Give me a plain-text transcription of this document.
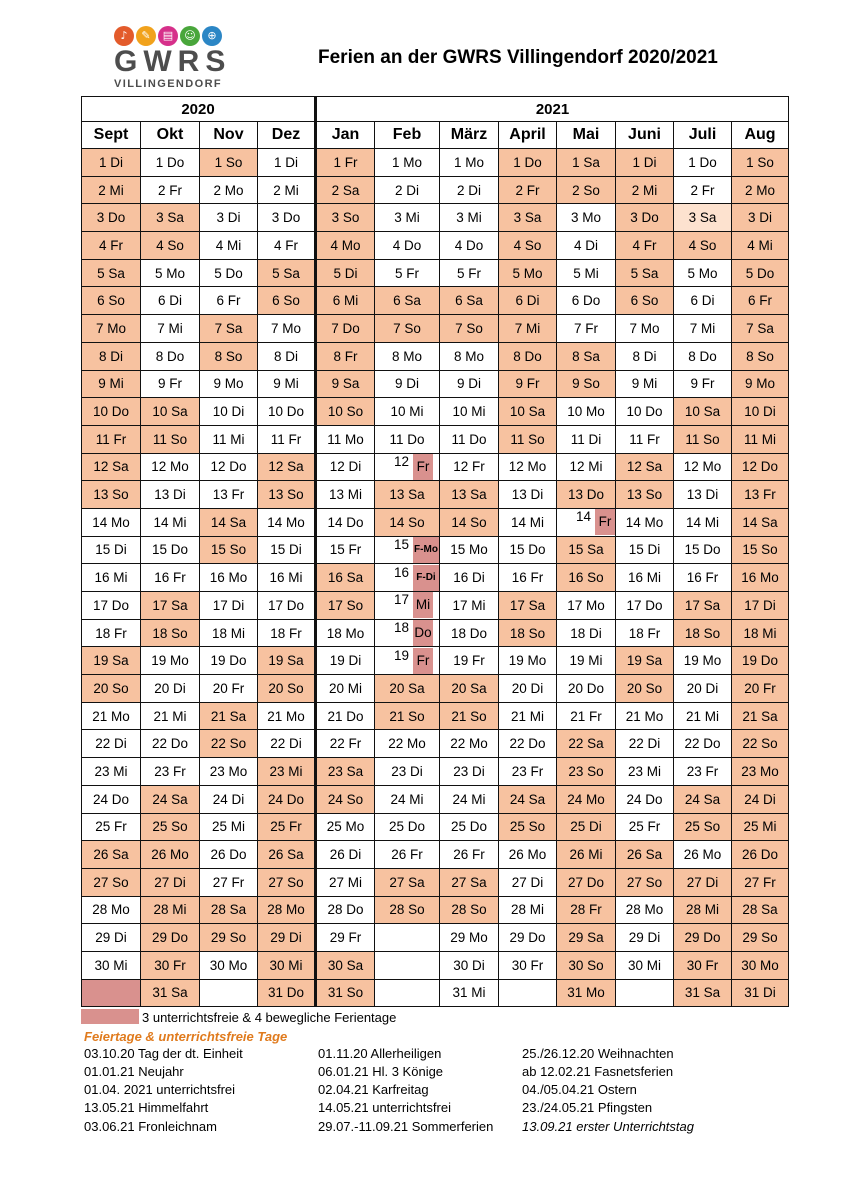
♪	✎	▤	☺	⊕
GWRS
VILLINGENDORF
Ferien an der GWRS Villingendorf 2020/2021
2020				2021							
Sept	Okt	Nov	Dez	Jan	Feb	März	April	Mai	Juni	Juli	Aug
1 Di	1 Do	1 So	1 Di	1 Fr	1 Mo	1 Mo	1 Do	1 Sa	1 Di	1 Do	1 So
2 Mi	2 Fr	2 Mo	2 Mi	2 Sa	2 Di	2 Di	2 Fr	2 So	2 Mi	2 Fr	2 Mo
3 Do	3 Sa	3 Di	3 Do	3 So	3 Mi	3 Mi	3 Sa	3 Mo	3 Do	3 Sa	3 Di
4 Fr	4 So	4 Mi	4 Fr	4 Mo	4 Do	4 Do	4 So	4 Di	4 Fr	4 So	4 Mi
5 Sa	5 Mo	5 Do	5 Sa	5 Di	5 Fr	5 Fr	5 Mo	5 Mi	5 Sa	5 Mo	5 Do
6 So	6 Di	6 Fr	6 So	6 Mi	6 Sa	6 Sa	6 Di	6 Do	6 So	6 Di	6 Fr
7 Mo	7 Mi	7 Sa	7 Mo	7 Do	7 So	7 So	7 Mi	7 Fr	7 Mo	7 Mi	7 Sa
8 Di	8 Do	8 So	8 Di	8 Fr	8 Mo	8 Mo	8 Do	8 Sa	8 Di	8 Do	8 So
9 Mi	9 Fr	9 Mo	9 Mi	9 Sa	9 Di	9 Di	9 Fr	9 So	9 Mi	9 Fr	9 Mo
10 Do	10 Sa	10 Di	10 Do	10 So	10 Mi	10 Mi	10 Sa	10 Mo	10 Do	10 Sa	10 Di
11 Fr	11 So	11 Mi	11 Fr	11 Mo	11 Do	11 Do	11 So	11 Di	11 Fr	11 So	11 Mi
12 Sa	12 Mo	12 Do	12 Sa	12 Di	12 Fr	12 Fr	12 Mo	12 Mi	12 Sa	12 Mo	12 Do
13 So	13 Di	13 Fr	13 So	13 Mi	13 Sa	13 Sa	13 Di	13 Do	13 So	13 Di	13 Fr
14 Mo	14 Mi	14 Sa	14 Mo	14 Do	14 So	14 So	14 Mi	14 Fr	14 Mo	14 Mi	14 Sa
15 Di	15 Do	15 So	15 Di	15 Fr	15 F-Mo	15 Mo	15 Do	15 Sa	15 Di	15 Do	15 So
16 Mi	16 Fr	16 Mo	16 Mi	16 Sa	16 F-Di	16 Di	16 Fr	16 So	16 Mi	16 Fr	16 Mo
17 Do	17 Sa	17 Di	17 Do	17 So	17 Mi	17 Mi	17 Sa	17 Mo	17 Do	17 Sa	17 Di
18 Fr	18 So	18 Mi	18 Fr	18 Mo	18 Do	18 Do	18 So	18 Di	18 Fr	18 So	18 Mi
19 Sa	19 Mo	19 Do	19 Sa	19 Di	19 Fr	19 Fr	19 Mo	19 Mi	19 Sa	19 Mo	19 Do
20 So	20 Di	20 Fr	20 So	20 Mi	20 Sa	20 Sa	20 Di	20 Do	20 So	20 Di	20 Fr
21 Mo	21 Mi	21 Sa	21 Mo	21 Do	21 So	21 So	21 Mi	21 Fr	21 Mo	21 Mi	21 Sa
22 Di	22 Do	22 So	22 Di	22 Fr	22 Mo	22 Mo	22 Do	22 Sa	22 Di	22 Do	22 So
23 Mi	23 Fr	23 Mo	23 Mi	23 Sa	23 Di	23 Di	23 Fr	23 So	23 Mi	23 Fr	23 Mo
24 Do	24 Sa	24 Di	24 Do	24 So	24 Mi	24 Mi	24 Sa	24 Mo	24 Do	24 Sa	24 Di
25 Fr	25 So	25 Mi	25 Fr	25 Mo	25 Do	25 Do	25 So	25 Di	25 Fr	25 So	25 Mi
26 Sa	26 Mo	26 Do	26 Sa	26 Di	26 Fr	26 Fr	26 Mo	26 Mi	26 Sa	26 Mo	26 Do
27 So	27 Di	27 Fr	27 So	27 Mi	27 Sa	27 Sa	27 Di	27 Do	27 So	27 Di	27 Fr
28 Mo	28 Mi	28 Sa	28 Mo	28 Do	28 So	28 So	28 Mi	28 Fr	28 Mo	28 Mi	28 Sa
29 Di	29 Do	29 So	29 Di	29 Fr		29 Mo	29 Do	29 Sa	29 Di	29 Do	29 So
30 Mi	30 Fr	30 Mo	30 Mi	30 Sa		30 Di	30 Fr	30 So	30 Mi	30 Fr	30 Mo
	31 Sa		31 Do	31 So		31 Mi		31 Mo		31 Sa	31 Di
3 unterrichtsfreie & 4 bewegliche Ferientage
Feiertage & unterrichtsfreie Tage
03.10.20 Tag der dt. Einheit
01.01.21 Neujahr
01.04. 2021 unterrichtsfrei
13.05.21 Himmelfahrt
03.06.21 Fronleichnam
01.11.20 Allerheiligen
06.01.21 Hl. 3 Könige
02.04.21 Karfreitag
14.05.21 unterrichtsfrei
29.07.-11.09.21 Sommerferien
25./26.12.20 Weihnachten
ab 12.02.21 Fasnetsferien
04./05.04.21 Ostern
23./24.05.21 Pfingsten
13.09.21 erster Unterrichtstag
